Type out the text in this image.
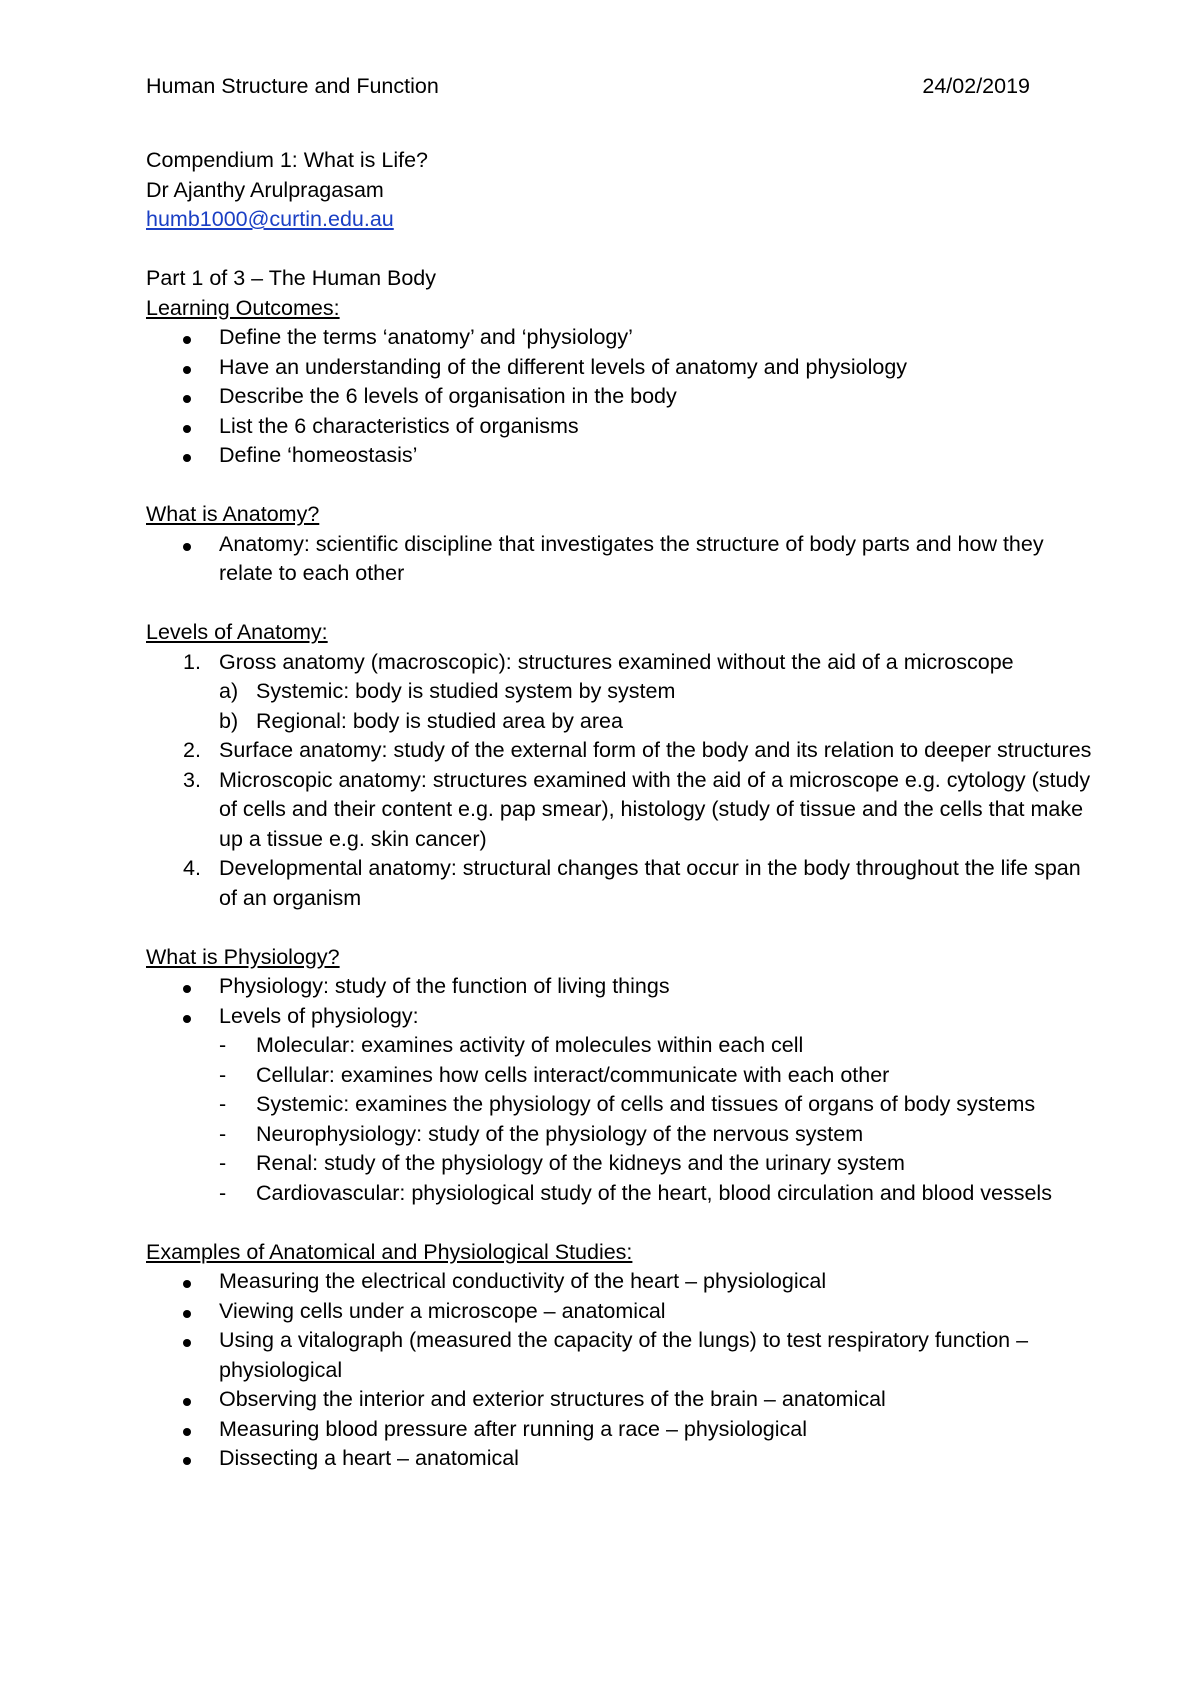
Human Structure and Function	24/02/2019
Compendium 1: What is Life?
Dr Ajanthy Arulpragasam
humb1000@curtin.edu.au
Part 1 of 3 – The Human Body
Learning Outcomes:
Define the terms ‘anatomy’ and ‘physiology’
Have an understanding of the different levels of anatomy and physiology
Describe the 6 levels of organisation in the body
List the 6 characteristics of organisms
Define ‘homeostasis’
What is Anatomy?
Anatomy: scientific discipline that investigates the structure of body parts and how they relate to each other
Levels of Anatomy:
1. Gross anatomy (macroscopic): structures examined without the aid of a microscope
a) Systemic: body is studied system by system
b) Regional: body is studied area by area
2. Surface anatomy: study of the external form of the body and its relation to deeper structures
3. Microscopic anatomy: structures examined with the aid of a microscope e.g. cytology (study of cells and their content e.g. pap smear), histology (study of tissue and the cells that make up a tissue e.g. skin cancer)
4. Developmental anatomy: structural changes that occur in the body throughout the life span of an organism
What is Physiology?
Physiology: study of the function of living things
Levels of physiology:
-	Molecular: examines activity of molecules within each cell
-	Cellular: examines how cells interact/communicate with each other
-	Systemic: examines the physiology of cells and tissues of organs of body systems
-	Neurophysiology: study of the physiology of the nervous system
-	Renal: study of the physiology of the kidneys and the urinary system
-	Cardiovascular: physiological study of the heart, blood circulation and blood vessels
Examples of Anatomical and Physiological Studies:
Measuring the electrical conductivity of the heart – physiological
Viewing cells under a microscope – anatomical
Using a vitalograph (measured the capacity of the lungs) to test respiratory function – physiological
Observing the interior and exterior structures of the brain – anatomical
Measuring blood pressure after running a race – physiological
Dissecting a heart – anatomical
